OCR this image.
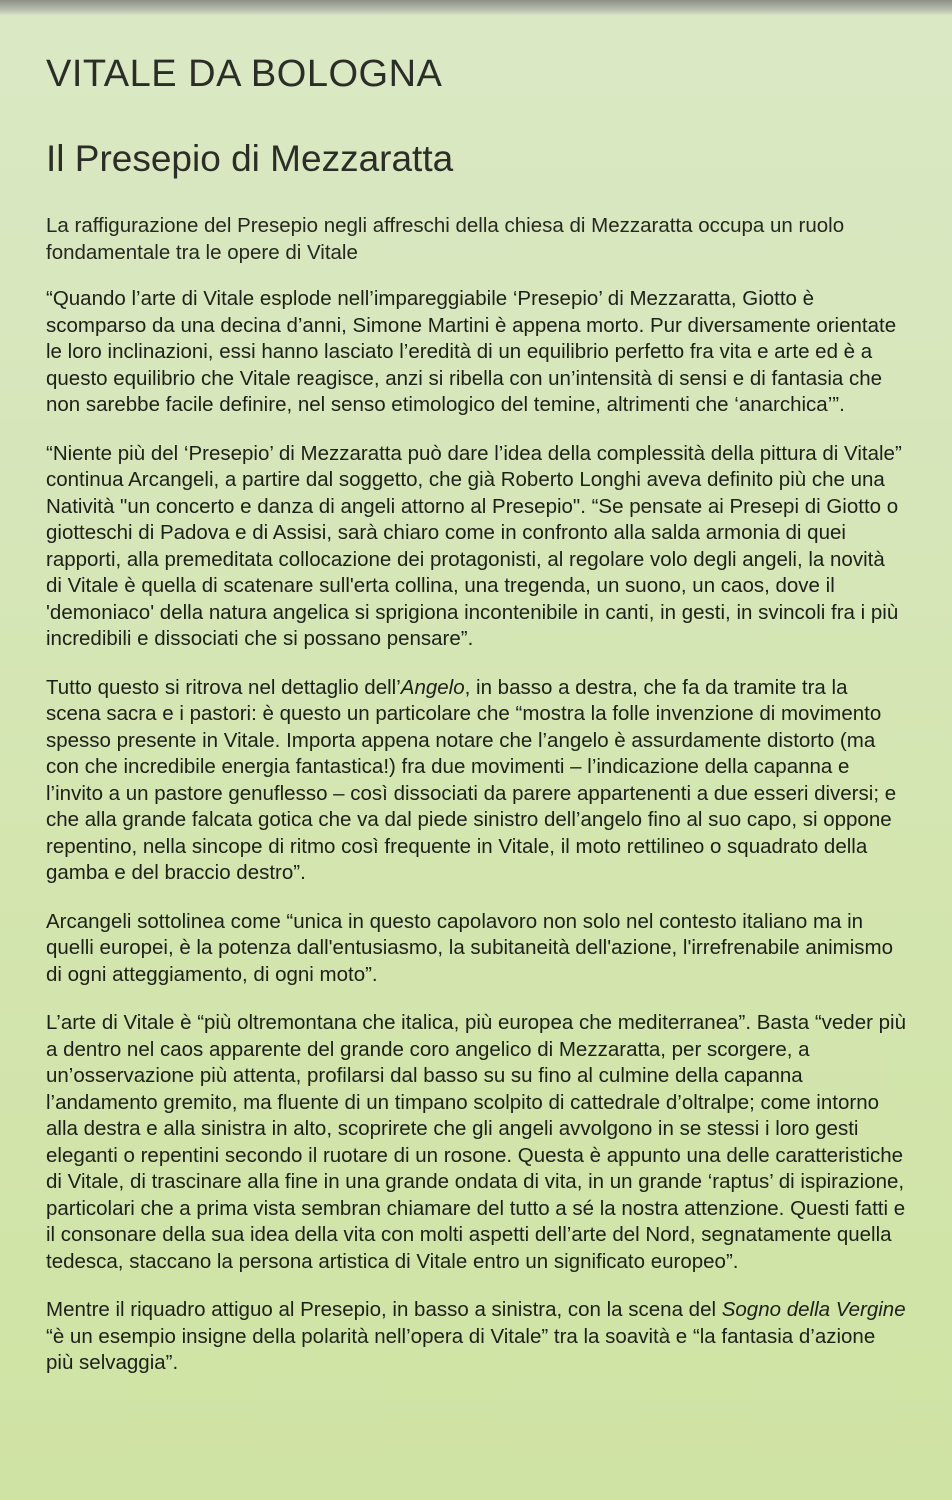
VITALE DA BOLOGNA
Il Presepio di Mezzaratta

La raffigurazione del Presepio negli affreschi della chiesa di Mezzaratta occupa un ruolo fondamentale tra le opere di Vitale

“Quando l’arte di Vitale esplode nell’impareggiabile ‘Presepio’ di Mezzaratta, Giotto è scomparso da una decina d’anni, Simone Martini è appena morto. Pur diversamente orientate le loro inclinazioni, essi hanno lasciato l’eredità di un equilibrio perfetto fra vita e arte ed è a questo equilibrio che Vitale reagisce, anzi si ribella con un’intensità di sensi e di fantasia che non sarebbe facile definire, nel senso etimologico del temine, altrimenti che ‘anarchica’”.

“Niente più del ‘Presepio’ di Mezzaratta può dare l’idea della complessità della pittura di Vitale” continua Arcangeli, a partire dal soggetto, che già Roberto Longhi aveva definito più che una Natività "un concerto e danza di angeli attorno al Presepio". “Se pensate ai Presepi di Giotto o giotteschi di Padova e di Assisi, sarà chiaro come in confronto alla salda armonia di quei rapporti, alla premeditata collocazione dei protagonisti, al regolare volo degli angeli, la novità di Vitale è quella di scatenare sull'erta collina, una tregenda, un suono, un caos, dove il 'demoniaco' della natura angelica si sprigiona incontenibile in canti, in gesti, in svincoli fra i più incredibili e dissociati che si possano pensare”.

Tutto questo si ritrova nel dettaglio dell’Angelo, in basso a destra, che fa da tramite tra la scena sacra e i pastori: è questo un particolare che “mostra la folle invenzione di movimento spesso presente in Vitale. Importa appena notare che l’angelo è assurdamente distorto (ma con che incredibile energia fantastica!) fra due movimenti – l’indicazione della capanna e l’invito a un pastore genuflesso – così dissociati da parere appartenenti a due esseri diversi; e che alla grande falcata gotica che va dal piede sinistro dell’angelo fino al suo capo, si oppone repentino, nella sincope di ritmo così frequente in Vitale, il moto rettilineo o squadrato della gamba e del braccio destro”.

Arcangeli sottolinea come “unica in questo capolavoro non solo nel contesto italiano ma in quelli europei, è la potenza dall'entusiasmo, la subitaneità dell'azione, l'irrefrenabile animismo di ogni atteggiamento, di ogni moto”.

L’arte di Vitale è “più oltremontana che italica, più europea che mediterranea”. Basta “veder più a dentro nel caos apparente del grande coro angelico di Mezzaratta, per scorgere, a un’osservazione più attenta, profilarsi dal basso su su fino al culmine della capanna l’andamento gremito, ma fluente di un timpano scolpito di cattedrale d’oltralpe; come intorno alla destra e alla sinistra in alto, scoprirete che gli angeli avvolgono in se stessi i loro gesti eleganti o repentini secondo il ruotare di un rosone. Questa è appunto una delle caratteristiche di Vitale, di trascinare alla fine in una grande ondata di vita, in un grande ‘raptus’ di ispirazione, particolari che a prima vista sembran chiamare del tutto a sé la nostra attenzione. Questi fatti e il consonare della sua idea della vita con molti aspetti dell’arte del Nord, segnatamente quella tedesca, staccano la persona artistica di Vitale entro un significato europeo”.

Mentre il riquadro attiguo al Presepio, in basso a sinistra, con la scena del Sogno della Vergine “è un esempio insigne della polarità nell’opera di Vitale” tra la soavità e “la fantasia d’azione più selvaggia”.
